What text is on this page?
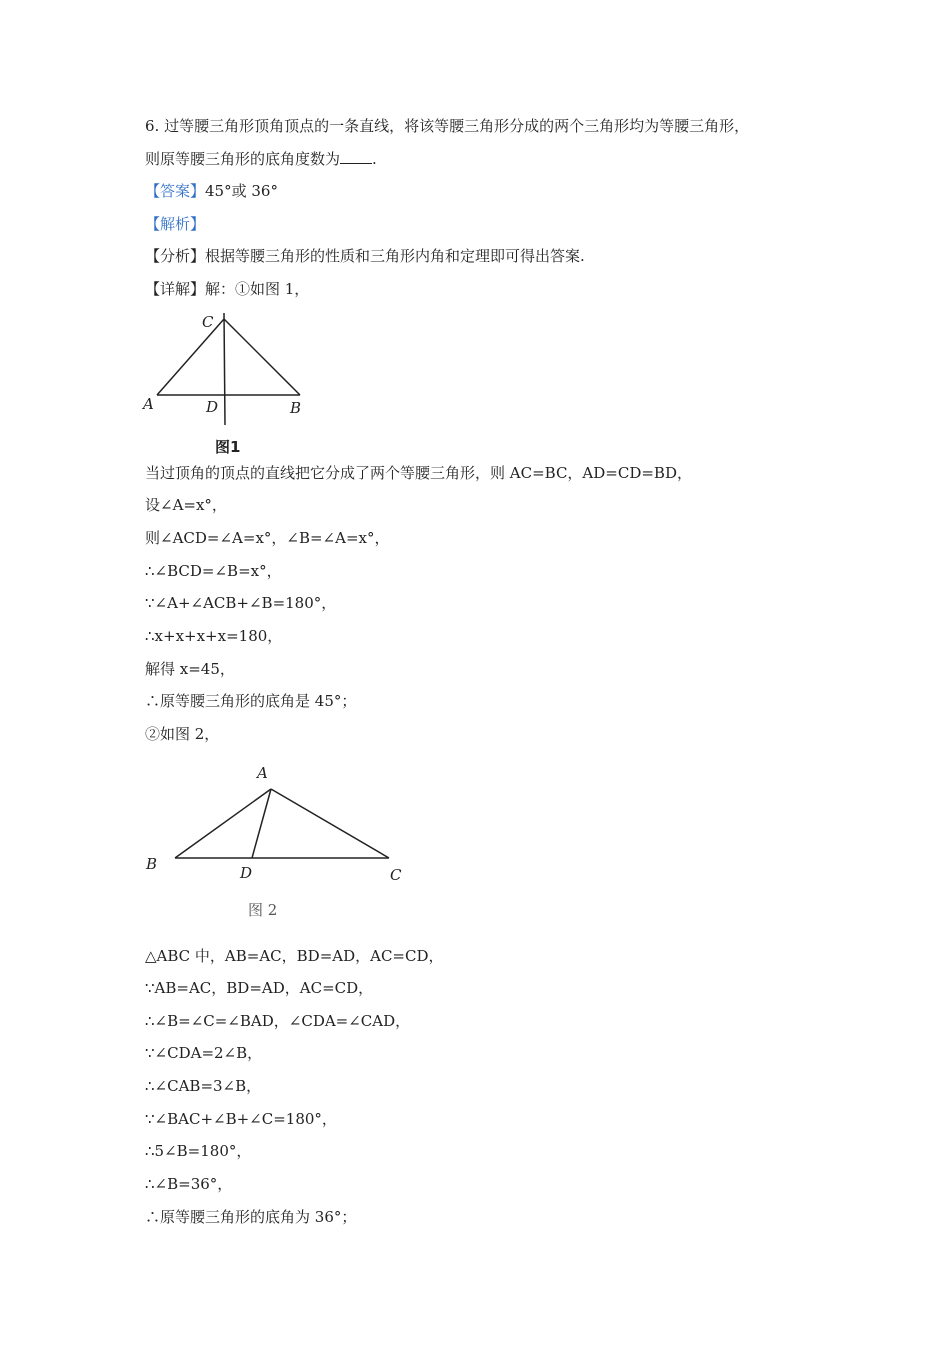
6. 过等腰三角形顶角顶点的一条直线，将该等腰三角形分成的两个三角形均为等腰三角形，
则原等腰三角形的底角度数为 .
【答案】45°或 36°
【解析】
【分析】根据等腰三角形的性质和三角形内角和定理即可得出答案.
【详解】解：①如图 1，
C
A	D	B
图1
当过顶角的顶点的直线把它分成了两个等腰三角形，则 AC=BC，AD=CD=BD，
设∠A=x°，
则∠ACD=∠A=x°，∠B=∠A=x°，
∴∠BCD=∠B=x°，
∵∠A+∠ACB+∠B=180°，
∴x+x+x+x=180，
解得 x=45，
∴原等腰三角形的底角是 45°；
②如图 2，
A
B	D	C
图 2
△ABC 中，AB=AC，BD=AD，AC=CD，
∵AB=AC，BD=AD，AC=CD，
∴∠B=∠C=∠BAD，∠CDA=∠CAD，
∵∠CDA=2∠B，
∴∠CAB=3∠B，
∵∠BAC+∠B+∠C=180°，
∴5∠B=180°，
∴∠B=36°，
∴原等腰三角形的底角为 36°；
